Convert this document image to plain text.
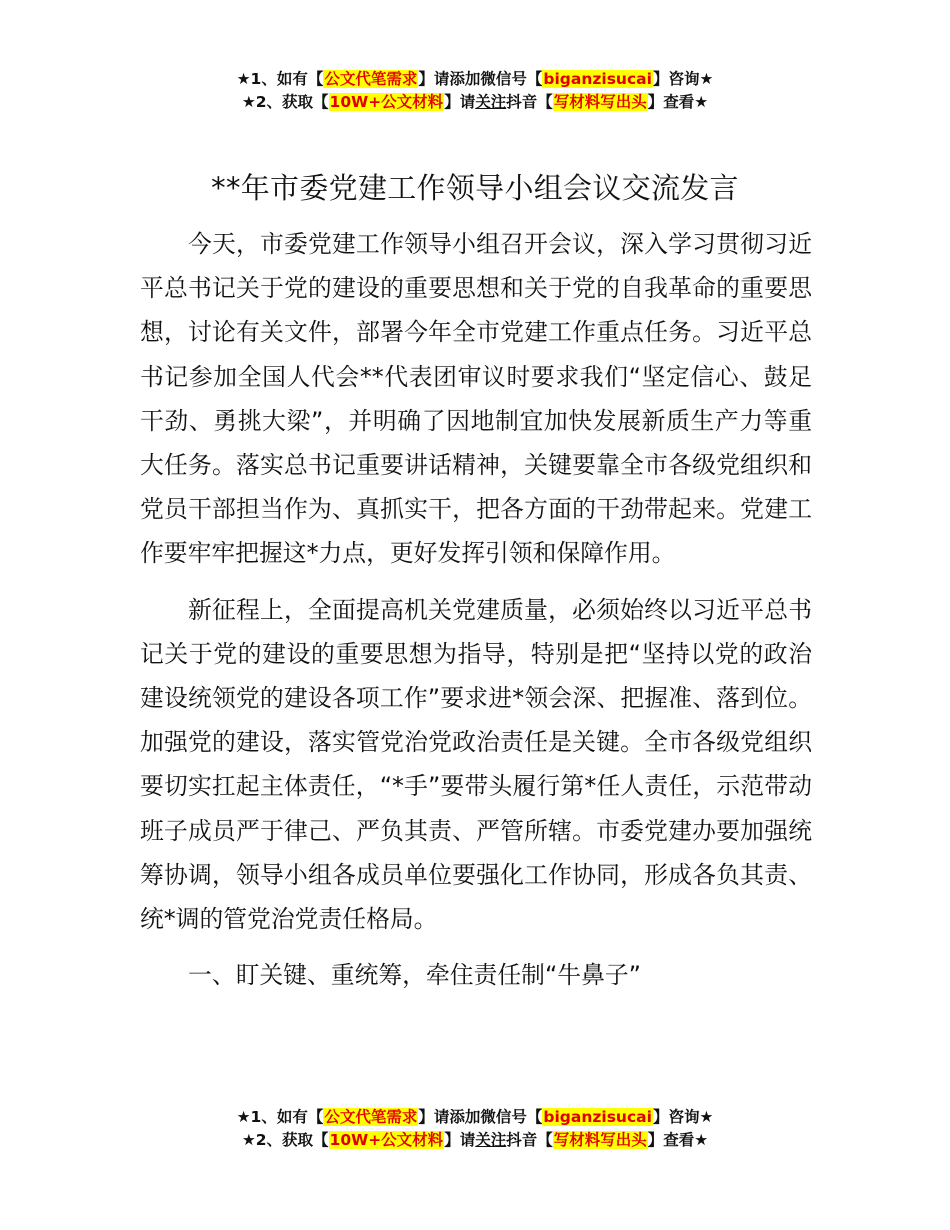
★1、如有【公文代笔需求】请添加微信号【biganzisucai】咨询★
★2、获取【10W+公文材料】请关注抖音【写材料写出头】查看★
**年市委党建工作领导小组会议交流发言

今天，市委党建工作领导小组召开会议，深入学习贯彻习近平总书记关于党的建设的重要思想和关于党的自我革命的重要思想，讨论有关文件，部署今年全市党建工作重点任务。习近平总书记参加全国人代会**代表团审议时要求我们“坚定信心、鼓足干劲、勇挑大梁”，并明确了因地制宜加快发展新质生产力等重大任务。落实总书记重要讲话精神，关键要靠全市各级党组织和党员干部担当作为、真抓实干，把各方面的干劲带起来。党建工作要牢牢把握这*力点，更好发挥引领和保障作用。

新征程上，全面提高机关党建质量，必须始终以习近平总书记关于党的建设的重要思想为指导，特别是把“坚持以党的政治建设统领党的建设各项工作”要求进*领会深、把握准、落到位。加强党的建设，落实管党治党政治责任是关键。全市各级党组织要切实扛起主体责任，“*手”要带头履行第*任人责任，示范带动班子成员严于律己、严负其责、严管所辖。市委党建办要加强统筹协调，领导小组各成员单位要强化工作协同，形成各负其责、统*调的管党治党责任格局。

一、盯关键、重统筹，牵住责任制“牛鼻子”

★1、如有【公文代笔需求】请添加微信号【biganzisucai】咨询★
★2、获取【10W+公文材料】请关注抖音【写材料写出头】查看★
